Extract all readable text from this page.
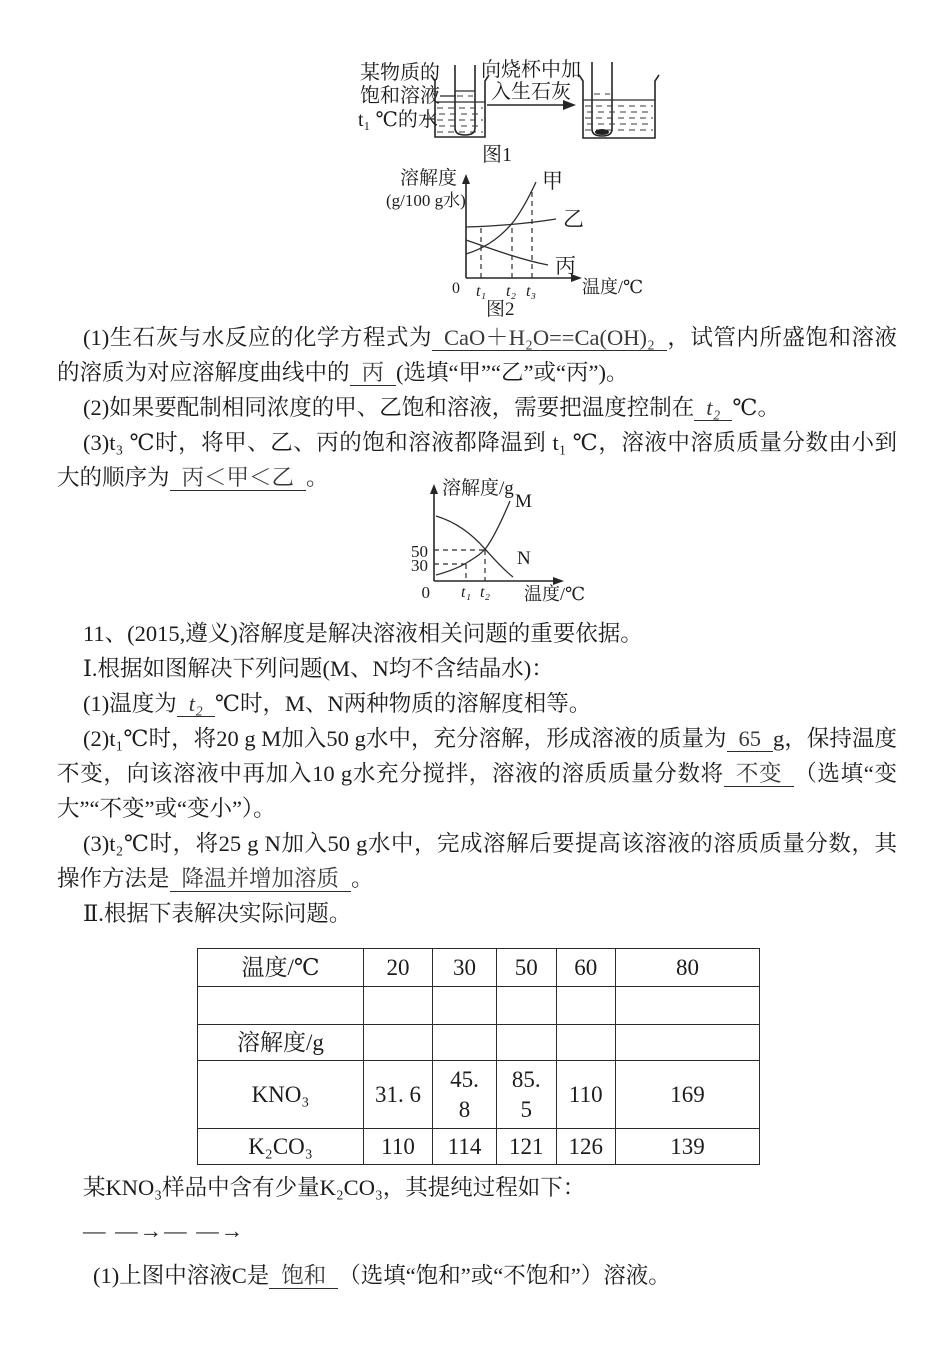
某物质的
饱和溶液
t₁ ℃的水
向烧杯中加
入生石灰
图1
溶解度
(g/100 g水)
0	温度/℃
甲
乙
丙
t₁ t₂ t₃
图2

(1)生石灰与水反应的化学方程式为 CaO＋H₂O==Ca(OH)₂ ，试管内所盛饱和溶液的溶质为对应溶解度曲线中的 丙 (选填“甲”“乙”或“丙”)。

(2)如果要配制相同浓度的甲、乙饱和溶液，需要把温度控制在 t₂ ℃。

(3)t₃ ℃时，将甲、乙、丙的饱和溶液都降温到 t₁ ℃，溶液中溶质质量分数由小到大的顺序为 丙＜甲＜乙 。	溶解度/g
0	温度/℃
50
30
t₁ t₂
M
N

11、(2015,遵义)溶解度是解决溶液相关问题的重要依据。

Ⅰ.根据如图解决下列问题(M、N均不含结晶水)：

(1)温度为 t₂ ℃时，M、N两种物质的溶解度相等。

(2)t₁℃时，将20 g M加入50 g水中，充分溶解，形成溶液的质量为 65 g，保持温度不变，向该溶液中再加入10 g水充分搅拌，溶液的溶质质量分数将 不变 （选填“变大”“不变”或“变小”）。

(3)t₂℃时，将25 g N加入50 g水中，完成溶解后要提高该溶液的溶质质量分数，其操作方法是 降温并增加溶质 。

Ⅱ.根据下表解决实际问题。

温度/℃	20	30	50	60	80

溶解度/g					
KNO₃	31. 6	45. 8	85. 5	110	169
K₂CO₃	110	114	121	126	139

某KNO₃样品中含有少量K₂CO₃，其提纯过程如下：

— —→— —→

(1)上图中溶液C是 饱和 （选填“饱和”或“不饱和”）溶液。
